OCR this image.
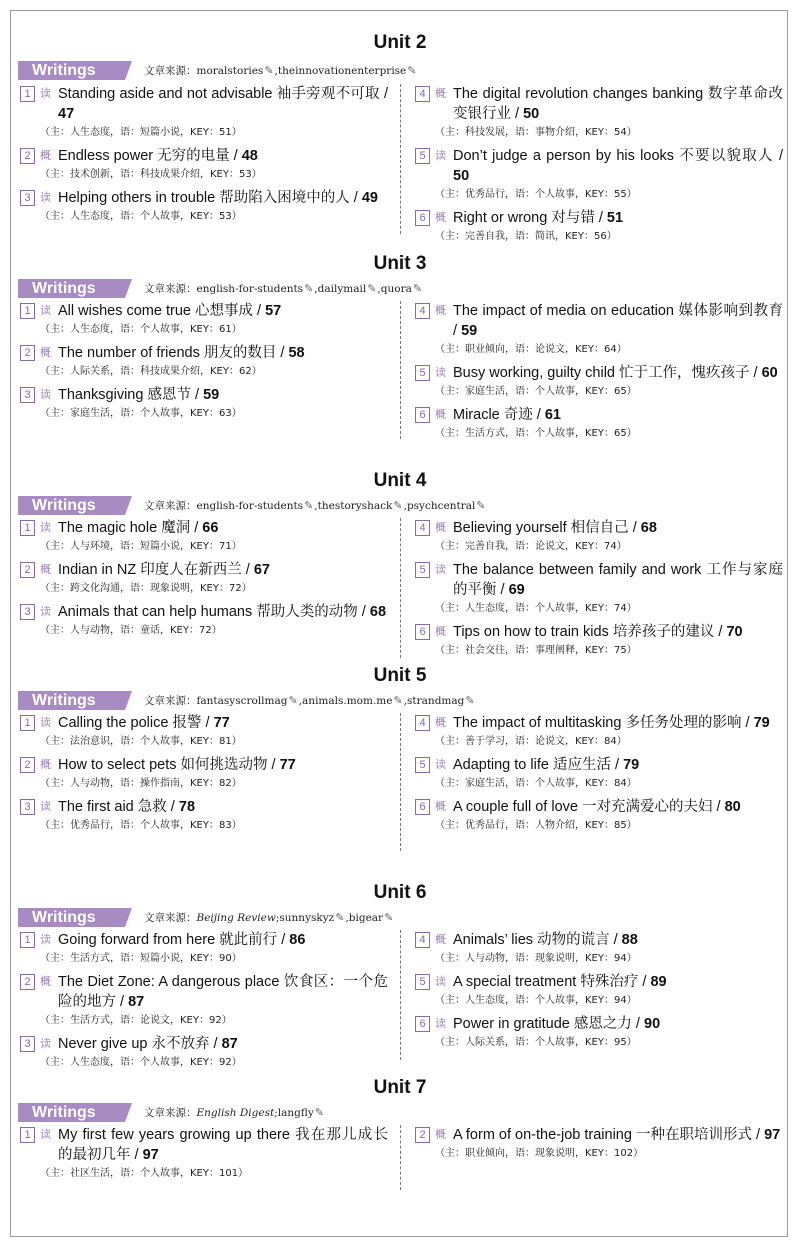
Unit 2
Writings	文章来源：moralstories✎,theinnovationenterprise✎
1 读 Standing aside and not advisable 袖手旁观不可取 / 47
（主：人生态度，语：短篇小说，KEY：51）
2 概 Endless power 无穷的电量 / 48
（主：技术创新，语：科技成果介绍，KEY：53）
3 读 Helping others in trouble 帮助陷入困境中的人 / 49
（主：人生态度，语：个人故事，KEY：53）
4 概 The digital revolution changes banking 数字革命改变银行业 / 50
（主：科技发展，语：事物介绍，KEY：54）
5 读 Don’t judge a person by his looks 不要以貌取人 / 50
（主：优秀品行，语：个人故事，KEY：55）
6 概 Right or wrong 对与错 / 51
（主：完善自我，语：简讯，KEY：56）
Unit 3
Writings	文章来源：english-for-students✎,dailymail✎,quora✎
1 读 All wishes come true 心想事成 / 57
（主：人生态度，语：个人故事，KEY：61）
2 概 The number of friends 朋友的数目 / 58
（主：人际关系，语：科技成果介绍，KEY：62）
3 读 Thanksgiving 感恩节 / 59
（主：家庭生活，语：个人故事，KEY：63）
4 概 The impact of media on education 媒体影响到教育 / 59
（主：职业倾向，语：论说文，KEY：64）
5 读 Busy working, guilty child 忙于工作，愧疚孩子 / 60
（主：家庭生活，语：个人故事，KEY：65）
6 概 Miracle 奇迹 / 61
（主：生活方式，语：个人故事，KEY：65）
Unit 4
Writings	文章来源：english-for-students✎,thestoryshack✎,psychcentral✎
1 读 The magic hole 魔洞 / 66
（主：人与环境，语：短篇小说，KEY：71）
2 概 Indian in NZ 印度人在新西兰 / 67
（主：跨文化沟通，语：现象说明，KEY：72）
3 读 Animals that can help humans 帮助人类的动物 / 68
（主：人与动物，语：童话，KEY：72）
4 概 Believing yourself 相信自己 / 68
（主：完善自我，语：论说文，KEY：74）
5 读 The balance between family and work 工作与家庭的平衡 / 69
（主：人生态度，语：个人故事，KEY：74）
6 概 Tips on how to train kids 培养孩子的建议 / 70
（主：社会交往，语：事理阐释，KEY：75）
Unit 5
Writings	文章来源：fantasyscrollmag✎,animals.mom.me✎,strandmag✎
1 读 Calling the police 报警 / 77
（主：法治意识，语：个人故事，KEY：81）
2 概 How to select pets 如何挑选动物 / 77
（主：人与动物，语：操作指南，KEY：82）
3 读 The first aid 急救 / 78
（主：优秀品行，语：个人故事，KEY：83）
4 概 The impact of multitasking 多任务处理的影响 / 79
（主：善于学习，语：论说文，KEY：84）
5 读 Adapting to life 适应生活 / 79
（主：家庭生活，语：个人故事，KEY：84）
6 概 A couple full of love 一对充满爱心的夫妇 / 80
（主：优秀品行，语：人物介绍，KEY：85）
Unit 6
Writings	文章来源：Beijing Review;sunnyskyz✎,bigear✎
1 读 Going forward from here 就此前行 / 86
（主：生活方式，语：短篇小说，KEY：90）
2 概 The Diet Zone: A dangerous place 饮食区：一个危险的地方 / 87
（主：生活方式，语：论说文，KEY：92）
3 读 Never give up 永不放弃 / 87
（主：人生态度，语：个人故事，KEY：92）
4 概 Animals’ lies 动物的谎言 / 88
（主：人与动物，语：现象说明，KEY：94）
5 读 A special treatment 特殊治疗 / 89
（主：人生态度，语：个人故事，KEY：94）
6 读 Power in gratitude 感恩之力 / 90
（主：人际关系，语：个人故事，KEY：95）
Unit 7
Writings	文章来源：English Digest;langfly✎
1 读 My first few years growing up there 我在那儿成长的最初几年 / 97
（主：社区生活，语：个人故事，KEY：101）
2 概 A form of on-the-job training 一种在职培训形式 / 97
（主：职业倾向，语：现象说明，KEY：102）
